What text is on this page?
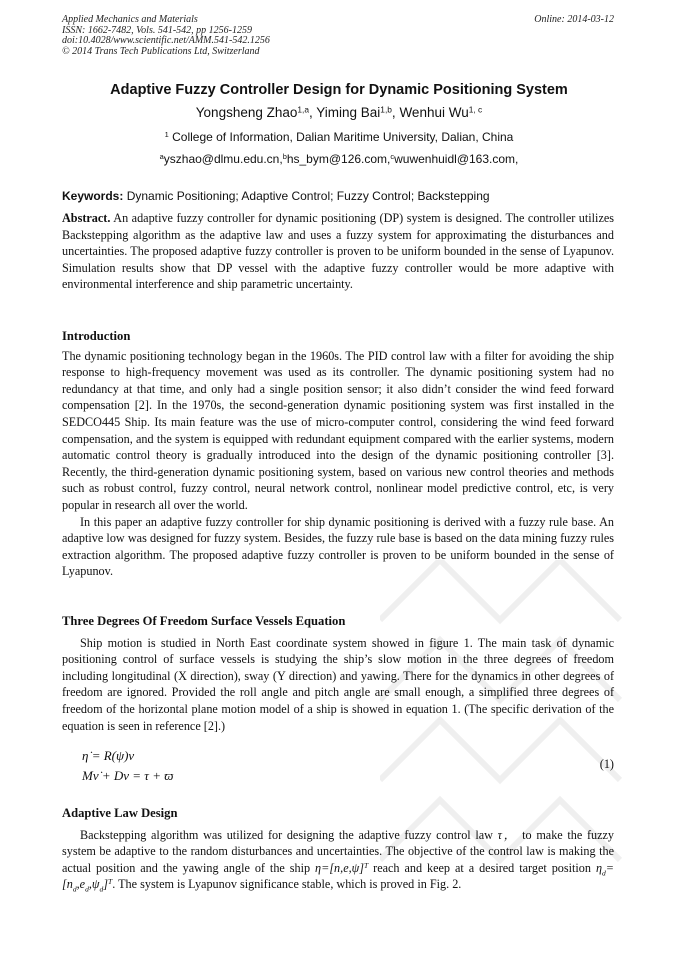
Applied Mechanics and Materials
ISSN: 1662-7482, Vols. 541-542, pp 1256-1259
doi:10.4028/www.scientific.net/AMM.541-542.1256
© 2014 Trans Tech Publications Ltd, Switzerland
Online: 2014-03-12
Adaptive Fuzzy Controller Design for Dynamic Positioning System
Yongsheng Zhao$^{1,a}$, Yiming Bai$^{1,b}$, Wenhui Wu$^{1, c}$
$^1$ College of Information, Dalian Maritime University, Dalian, China
$^a$yszhao@dlmu.edu.cn,$^b$hs_bym@126.com,$^c$wuwenhuidl@163.com,
Keywords: Dynamic Positioning; Adaptive Control; Fuzzy Control; Backstepping
Abstract. An adaptive fuzzy controller for dynamic positioning (DP) system is designed. The controller utilizes Backstepping algorithm as the adaptive law and uses a fuzzy system for approximating the disturbances and uncertainties. The proposed adaptive fuzzy controller is proven to be uniform bounded in the sense of Lyapunov. Simulation results show that DP vessel with the adaptive fuzzy controller would be more adaptive with environmental interference and ship parametric uncertainty.
Introduction
The dynamic positioning technology began in the 1960s. The PID control law with a filter for avoiding the ship response to high-frequency movement was used as its controller. The dynamic positioning system had no redundancy at that time, and only had a single position sensor; it also didn’t consider the wind feed forward compensation [2]. In the 1970s, the second-generation dynamic positioning system was first installed in the SEDCO445 Ship. Its main feature was the use of micro-computer control, considering the wind feed forward compensation, and the system is equipped with redundant equipment compared with the earlier systems, modern automatic control theory is gradually introduced into the design of the dynamic positioning controller [3]. Recently, the third-generation dynamic positioning system, based on various new control theories and methods such as robust control, fuzzy control, neural network control, nonlinear model predictive control, etc, is very popular in research all over the world.
In this paper an adaptive fuzzy controller for ship dynamic positioning is derived with a fuzzy rule base. An adaptive low was designed for fuzzy system. Besides, the fuzzy rule base is based on the data mining fuzzy rules extraction algorithm. The proposed adaptive fuzzy controller is proven to be uniform bounded in the sense of Lyapunov.
Three Degrees Of Freedom Surface Vessels Equation
Ship motion is studied in North East coordinate system showed in figure 1. The main task of dynamic positioning control of surface vessels is studying the ship’s slow motion in the three degrees of freedom including longitudinal (X direction), sway (Y direction) and yawing. There for the dynamics in other degrees of freedom are ignored. Provided the roll angle and pitch angle are small enough, a simplified three degrees of freedom of the horizontal plane motion model of a ship is showed in equation 1. (The specific derivation of the equation is seen in reference [2].)
η̇ = R(ψ)ν
Mν̇ + Dν = τ + ϖ
(1)
Adaptive Law Design
Backstepping algorithm was utilized for designing the adaptive fuzzy control law τ， to make the fuzzy system be adaptive to the random disturbances and uncertainties. The objective of the control law is making the actual position and the yawing angle of the ship $\eta=[n,e,\psi]^T$ reach and keep at a desired target position $\eta_d=[n_d,e_d,\psi_d]^T$. The system is Lyapunov significance stable, which is proved in Fig. 2.
